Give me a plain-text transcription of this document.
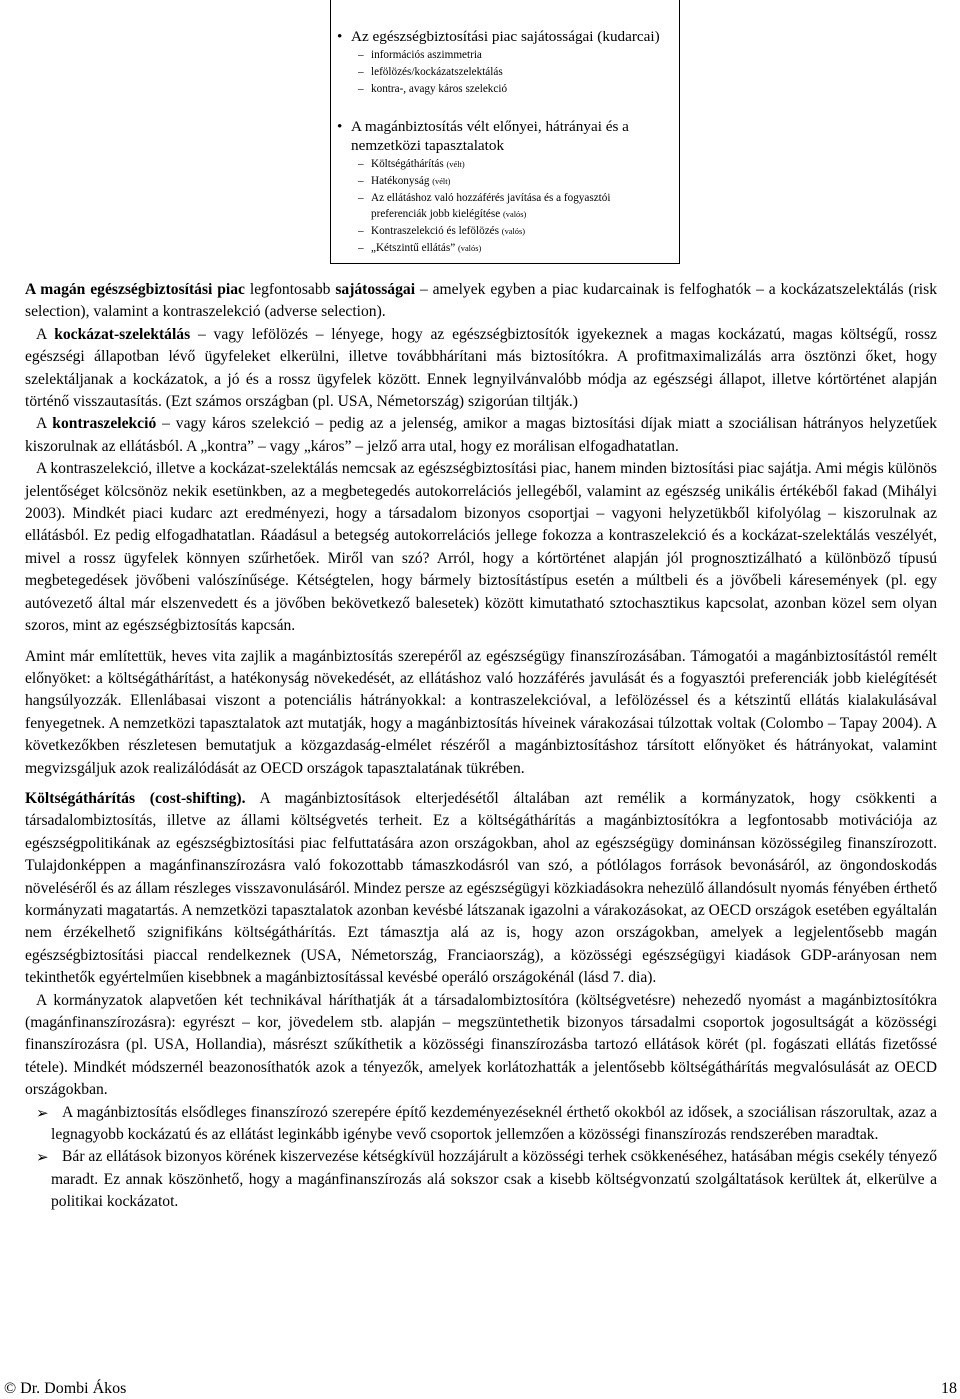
• Az egészségbiztosítási piac sajátosságai (kudarcai)
– információs aszimmetria
– lefölözés/kockázatszelektálás
– kontra-, avagy káros szelekció
• A magánbiztosítás vélt előnyei, hátrányai és a
nemzetközi tapasztalatok
– Költségáthárítás (vélt)
– Hatékonyság (vélt)
– Az ellátáshoz való hozzáférés javítása és a fogyasztói
preferenciák jobb kielégítése (valós)
– Kontraszelekció és lefölözés (valós)
– „Kétszintű ellátás” (valós)

A magán egészségbiztosítási piac legfontosabb sajátosságai – amelyek egyben a piac kudarcainak is felfoghatók – a kockázatszelektálás (risk selection), valamint a kontraszelekció (adverse selection).

A kockázat-szelektálás – vagy lefölözés – lényege, hogy az egészségbiztosítók igyekeznek a magas kockázatú, magas költségű, rossz egészségi állapotban lévő ügyfeleket elkerülni, illetve továbbhárítani más biztosítókra. A profitmaximalizálás arra ösztönzi őket, hogy szelektáljanak a kockázatok, a jó és a rossz ügyfelek között. Ennek legnyilvánvalóbb módja az egészségi állapot, illetve kórtörténet alapján történő visszautasítás. (Ezt számos országban (pl. USA, Németország) szigorúan tiltják.)

A kontraszelekció – vagy káros szelekció – pedig az a jelenség, amikor a magas biztosítási díjak miatt a szociálisan hátrányos helyzetűek kiszorulnak az ellátásból. A „kontra” – vagy „káros” – jelző arra utal, hogy ez morálisan elfogadhatatlan.

A kontraszelekció, illetve a kockázat-szelektálás nemcsak az egészségbiztosítási piac, hanem minden biztosítási piac sajátja. Ami mégis különös jelentőséget kölcsönöz nekik esetünkben, az a megbetegedés autokorrelációs jellegéből, valamint az egészség unikális értékéből fakad (Mihályi 2003). Mindkét piaci kudarc azt eredményezi, hogy a társadalom bizonyos csoportjai – vagyoni helyzetükből kifolyólag – kiszorulnak az ellátásból. Ez pedig elfogadhatatlan. Ráadásul a betegség autokorrelációs jellege fokozza a kontraszelekció és a kockázat-szelektálás veszélyét, mivel a rossz ügyfelek könnyen szűrhetőek. Miről van szó? Arról, hogy a kórtörténet alapján jól prognosztizálható a különböző típusú megbetegedések jövőbeni valószínűsége. Kétségtelen, hogy bármely biztosítástípus esetén a múltbeli és a jövőbeli káresemények (pl. egy autóvezető által már elszenvedett és a jövőben bekövetkező balesetek) között kimutatható sztochasztikus kapcsolat, azonban közel sem olyan szoros, mint az egészségbiztosítás kapcsán.

Amint már említettük, heves vita zajlik a magánbiztosítás szerepéről az egészségügy finanszírozásában. Támogatói a magánbiztosítástól remélt előnyöket: a költségáthárítást, a hatékonyság növekedését, az ellátáshoz való hozzáférés javulását és a fogyasztói preferenciák jobb kielégítését hangsúlyozzák. Ellenlábasai viszont a potenciális hátrányokkal: a kontraszelekcióval, a lefölözéssel és a kétszintű ellátás kialakulásával fenyegetnek. A nemzetközi tapasztalatok azt mutatják, hogy a magánbiztosítás híveinek várakozásai túlzottak voltak (Colombo – Tapay 2004). A következőkben részletesen bemutatjuk a közgazdaság-elmélet részéről a magánbiztosításhoz társított előnyöket és hátrányokat, valamint megvizsgáljuk azok realizálódását az OECD országok tapasztalatának tükrében.

Költségáthárítás (cost-shifting). A magánbiztosítások elterjedésétől általában azt remélik a kormányzatok, hogy csökkenti a társadalombiztosítás, illetve az állami költségvetés terheit. Ez a költségáthárítás a magánbiztosítókra a legfontosabb motivációja az egészségpolitikának az egészségbiztosítási piac felfuttatására azon országokban, ahol az egészségügy dominánsan közösségileg finanszírozott. Tulajdonképpen a magánfinanszírozásra való fokozottabb támaszkodásról van szó, a pótlólagos források bevonásáról, az öngondoskodás növeléséről és az állam részleges visszavonulásáról. Mindez persze az egészségügyi közkiadásokra nehezülő állandósult nyomás fényében érthető kormányzati magatartás. A nemzetközi tapasztalatok azonban kevésbé látszanak igazolni a várakozásokat, az OECD országok esetében egyáltalán nem érzékelhető szignifikáns költségáthárítás. Ezt támasztja alá az is, hogy azon országokban, amelyek a legjelentősebb magán egészségbiztosítási piaccal rendelkeznek (USA, Németország, Franciaország), a közösségi egészségügyi kiadások GDP-arányosan nem tekinthetők egyértelműen kisebbnek a magánbiztosítással kevésbé operáló országokénál (lásd 7. dia).

A kormányzatok alapvetően két technikával háríthatják át a társadalombiztosítóra (költségvetésre) nehezedő nyomást a magánbiztosítókra (magánfinanszírozásra): egyrészt – kor, jövedelem stb. alapján – megszüntethetik bizonyos társadalmi csoportok jogosultságát a közösségi finanszírozásra (pl. USA, Hollandia), másrészt szűkíthetik a közösségi finanszírozásba tartozó ellátások körét (pl. fogászati ellátás fizetőssé tétele). Mindkét módszernél beazonosíthatók azok a tényezők, amelyek korlátozhatták a jelentősebb költségáthárítás megvalósulását az OECD országokban.

➢ A magánbiztosítás elsődleges finanszírozó szerepére építő kezdeményezéseknél érthető okokból az idősek, a szociálisan rászorultak, azaz a legnagyobb kockázatú és az ellátást leginkább igénybe vevő csoportok jellemzően a közösségi finanszírozás rendszerében maradtak.

➢ Bár az ellátások bizonyos körének kiszervezése kétségkívül hozzájárult a közösségi terhek csökkenéséhez, hatásában mégis csekély tényező maradt. Ez annak köszönhető, hogy a magánfinanszírozás alá sokszor csak a kisebb költségvonzatú szolgáltatások kerültek át, elkerülve a politikai kockázatot.

© Dr. Dombi Ákos	18
